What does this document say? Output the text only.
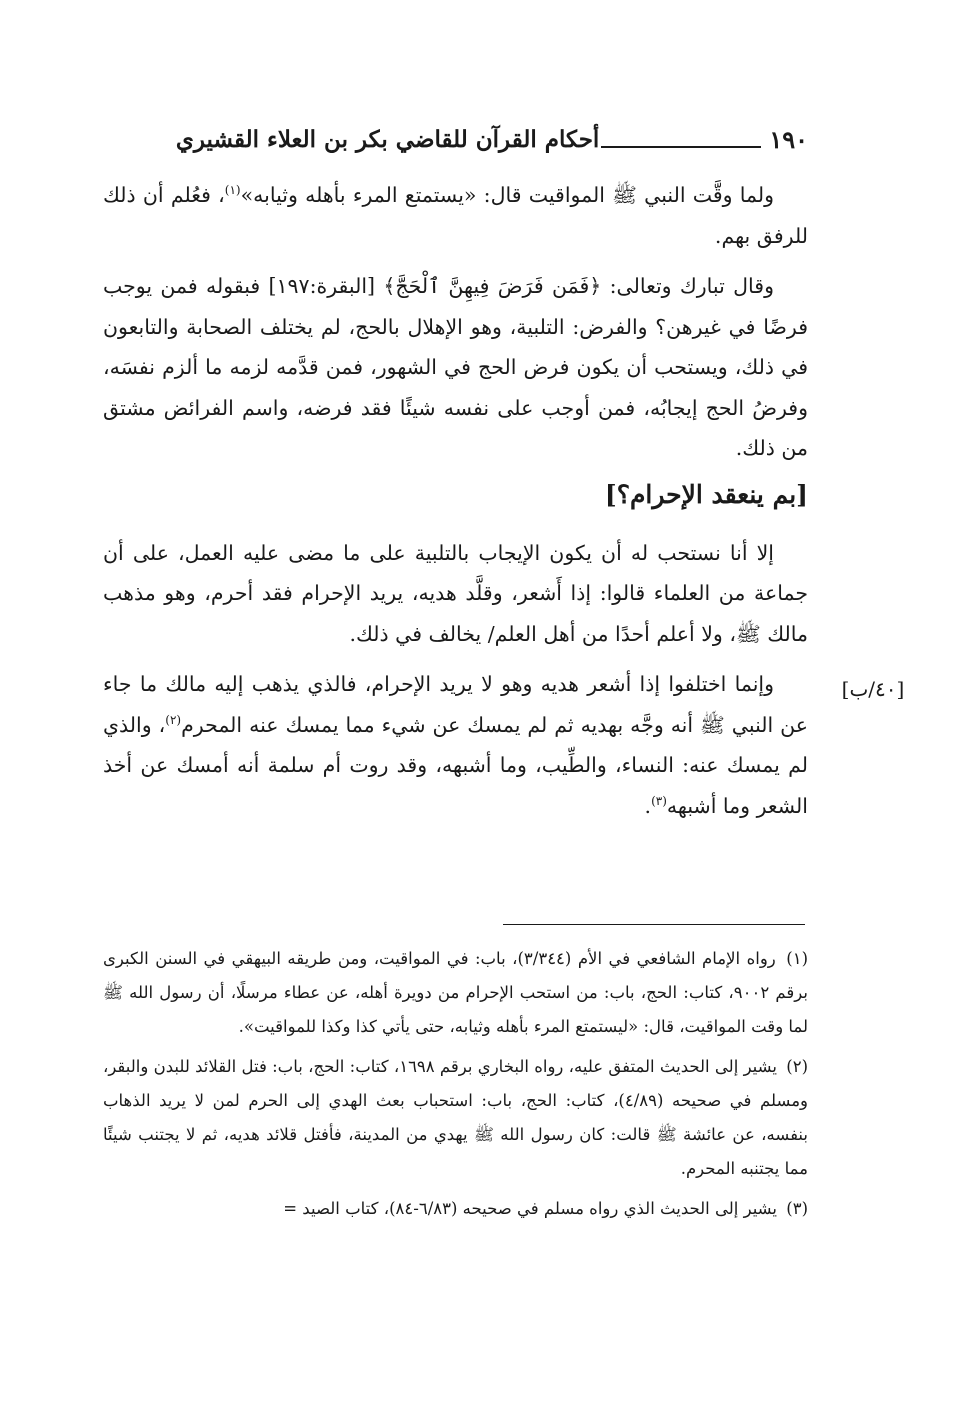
١٩٠
أحكام القرآن للقاضي بكر بن العلاء القشيري

ولما وقَّت النبي ﷺ المواقيت قال: «يستمتع المرء بأهله وثيابه»$^{(١)}$، فعُلم أن ذلك للرفق بهم.

وقال تبارك وتعالى: ﴿فَمَن فَرَضَ فِيهِنَّ ٱلْحَجَّ﴾ [البقرة:١٩٧] فبقوله فمن يوجب فرضًا في غيرهن؟ والفرض: التلبية، وهو الإهلال بالحج، لم يختلف الصحابة والتابعون في ذلك، ويستحب أن يكون فرض الحج في الشهور، فمن قدَّمه لزمه ما ألزم نفسَه، وفرضُ الحج إيجابُه، فمن أوجب على نفسه شيئًا فقد فرضه، واسم الفرائض مشتق من ذلك.

[بم ينعقد الإحرام؟]

إلا أنا نستحب له أن يكون الإيجاب بالتلبية على ما مضى عليه العمل، على أن جماعة من العلماء قالوا: إذا أَشعر، وقلَّد هديه، يريد الإحرام فقد أحرم، وهو مذهب مالك ﷺ، ولا أعلم أحدًا من أهل العلم/ يخالف في ذلك.

وإنما اختلفوا إذا أشعر هديه وهو لا يريد الإحرام، فالذي يذهب إليه مالك ما جاء عن النبي ﷺ أنه وجَّه بهديه ثم لم يمسك عن شيء مما يمسك عنه المحرم$^{(٢)}$، والذي لم يمسك عنه: النساء، والطِّيب، وما أشبهه، وقد روت أم سلمة أنه أمسك عن أخذ الشعر وما أشبهه$^{(٣)}$.

[٤٠/ب]

(١) رواه الإمام الشافعي في الأم (٣/٣٤٤)، باب: في المواقيت، ومن طريقه البيهقي في السنن الكبرى برقم ٩٠٠٢، كتاب: الحج، باب: من استحب الإحرام من دويرة أهله، عن عطاء مرسلًا، أن رسول الله ﷺ لما وقت المواقيت، قال: «ليستمتع المرء بأهله وثيابه، حتى يأتي كذا وكذا للمواقيت».

(٢) يشير إلى الحديث المتفق عليه، رواه البخاري برقم ١٦٩٨، كتاب: الحج، باب: فتل القلائد للبدن والبقر، ومسلم في صحيحه (٤/٨٩)، كتاب: الحج، باب: استحباب بعث الهدي إلى الحرم لمن لا يريد الذهاب بنفسه، عن عائشة ﷺ قالت: كان رسول الله ﷺ يهدي من المدينة، فأفتل قلائد هديه، ثم لا يجتنب شيئًا مما يجتنبه المحرم.

(٣) يشير إلى الحديث الذي رواه مسلم في صحيحه (٦/٨٣-٨٤)، كتاب الصيد =
